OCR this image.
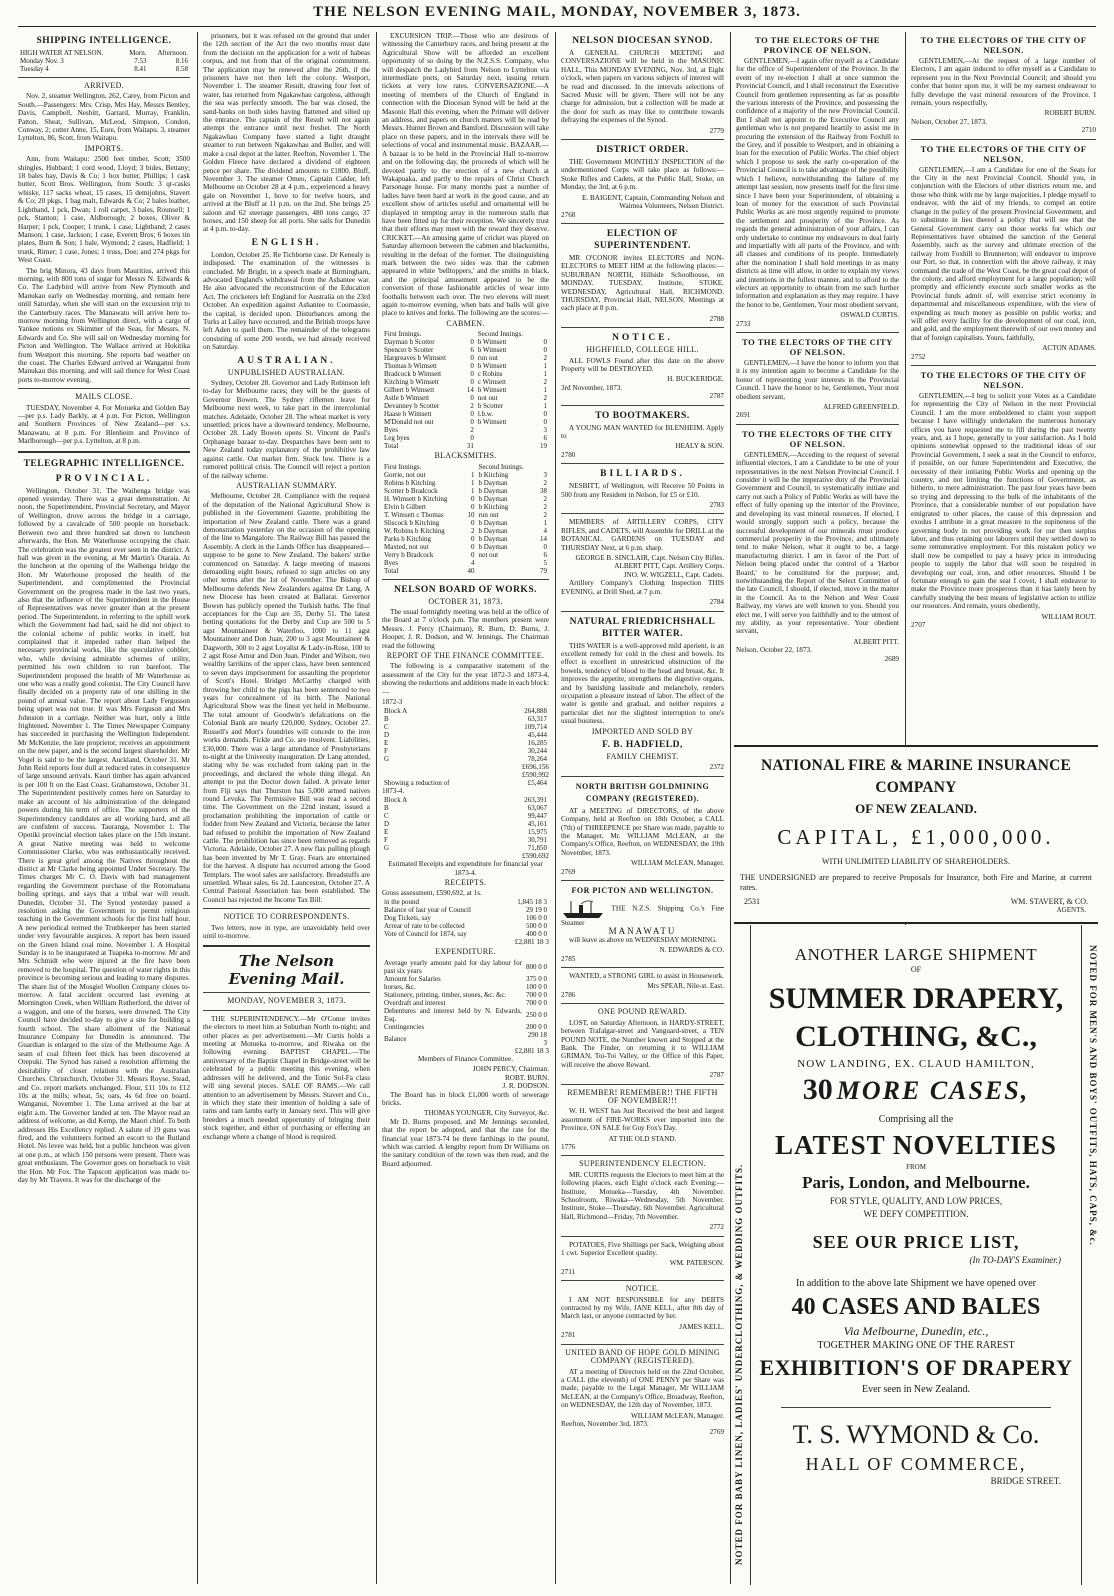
THE NELSON EVENING MAIL, MONDAY, NOVEMBER 3, 1873.
SHIPPING INTELLIGENCE.
HIGH WATER AT NELSON.	Morn.	Afternoon.
Monday Nov. 3	7.53	8.16
Tuesday 4	8.41	8.58
ARRIVED.

Nov. 2, steamer Wellington, 262, Carey, from Picton and South.—Passengers: Mrs. Crisp, Mrs Hay, Messrs Bentley, Davis, Campbell, Nesbitt, Garrard, Murray, Franklin, Patton, Sheat, Sullivan, McLeod, Simpson, Condon, Conway, 2; cutter Anne, 15, Eure, from Waitapu. 3, steamer Lyttelton, 86, Scott, from Waitapu.

IMPORTS.

Ann, from Waitapu: 2500 feet timber, Scott; 3500 shingles, Hubbard; 1 cord wood, Lloyd; 3 bides, Bettany; 18 bales hay, Davis & Co; 1 box butter, Phillips; 1 cask butter, Scott Bros. Wellington, from South: 3 qr-casks whisky, 117 sacks wheat, 15 cases, 15 demijohns, Stavert & Co; 20 pkgs, 1 bag malt, Edwards & Co; 2 bales leather, Lightband, 1 pck, Dwan; 1 roll carpet, 3 bales, Rounsell; 1 pck, Stanton; 1 case, Aldborough; 2 boxes, Oliver & Harper; 1 pck, Cooper; 1 trunk, 1 case, Lightband; 2 cases Manson; 1 case, Jackson; 1 case, Everett Bros; 6 boxes tin plates, Burn & Son; 1 bale, Wymond; 2 cases, Hadfield; 1 trunk, Rimer; 1 case, Jones; 1 truss, Doe; and 274 pkgs for West Coast.

The brig Minora, 43 days from Mauritius, arrived this morning, with 800 tons of sugar for Messrs N. Edwards & Co. The Ladybird will arrive from New Plymouth and Manukau early on Wednesday morning, and remain here until Saturday, when she will start on the excursion trip to the Canterbury races. The Manawatu will arrive here to-morrow morning from Wellington direct, with a cargo of Yankee notions ex Skimmer of the Seas, for Messrs. N. Edwards and Co. She will sail on Wednesday morning for Picton and Wellington. The Wallace arrived at Hokitika from Westport this morning. She reports bad weather on the coast. The Charles Edward arrived at Wanganui from Manukau this morning, and will sail thence for West Coast ports to-morrow evening.

MAILS CLOSE.

TUESDAY, November 4. For Motueka and Golden Bay—per p.s. Lady Barkly, at 4 p.m. For Picton, Wellington and Southern Provinces of New Zealand—per s.s. Manawatu, at 8 p.m. For Blenheim and Province of Marlborough—per p.s. Lyttelton, at 8 p.m.

TELEGRAPHIC INTELLIGENCE.
PROVINCIAL.

Wellington, October 31. The Waihenga bridge was opened yesterday. There was a great demonstration. At noon, the Superintendent, Provincial Secretary, and Mayor of Wellington, drove across the bridge in a carriage, followed by a cavalcade of 500 people on horseback. Between two and three hundred sat down to luncheon afterwards, the Hon. Mr Waterhouse occupying the chair. The celebration was the greatest ever seen in the district. A ball was given in the evening, at Mr Martin's Otaraia. At the luncheon at the opening of the Waihenga bridge the Hon. Mr Waterhouse proposed the health of the Superintendent, and complimented the Provincial Government on the progress made in the last two years, also that the influence of the Superintendent in the House of Representatives was never greater than at the present period. The Superintendent, in referring to the uphill work which the Government had had, said he did not object to the colonial scheme of public works in itself, but complained that it impeded rather than helped the necessary provincial works, like the speculative cobbler, who, while devising admirable schemes of utility, permitted his own children to run barefoot. The Superintendent proposed the health of Mr Waterhouse as one who was a really good colonist. The City Council have finally decided on a property rate of one shilling in the pound of annual value. The report about Lady Fergusson being upset was not true. It was Mrs Ferguson and Mrs Johnston in a carriage. Neither was hurt, only a little frightened. November 1. The Times Newspaper Company has succeeded in purchasing the Wellington Independent. Mr McKenzie, the late proprietor, receives an appointment on the new paper, and is the second largest shareholder. Mr Vogel is said to be the largest. Auckland, October 31. Mr John Reid reports four dull at reduced rates in consequence of large unsound arrivals. Kauri timber has again advanced is per 100 ft on the East Coast. Grahamstown, October 31. The Superintendent positively comes here on Saturday to make an account of his administration of the delegated powers during his term of office. The supporters of the Superintendency candidates are all working hard, and all are confident of success. Tauranga, November 1. The Opotiki provincial election takes place on the 15th instant. A great Native meeting was held to welcome Commissioner Clarke, who was enthusiastically received. There is great grief among the Natives throughout the district at Mr Clarke being appointed Under Secretary. The Times charges Mr C. O. Davis with bad management regarding the Government purchase of the Rotomahana boiling springs, and says that a tribal war will result. Dunedin, October 31. The Synod yesterday passed a resolution asking the Government to permit religious teaching in the Government schools for the first half hour. A new periodical termed the Truthkeeper has been started under very favourable auspices. A report has been issued on the Green Island coal mine. November 1. A Hospital Sunday is to be inaugurated at Tuapeka to-morrow. Mr and Mrs Schmidt who were injured at the fire have been removed to the hospital. The question of water rights in this province is becoming serious and leading to many disputes. The share list of the Mosgiel Woollen Company closes to-morrow. A fatal accident occurred last evening at Mornington Creek, when William Rutherford, the driver of a waggon, and one of the horses, were drowned. The City Council have decided to-day to give a site for building a fourth school. The share allotment of the National Insurance Company for Dunedin is announced. The Guardian is enlarged to the size of the Melbourne Age. A seam of coal fifteen feet thick has been discovered at Orepuki. The Synod has raised a resolution affirming the desirability of closer relations with the Australian Churches. Christchurch, October 31. Messrs Royse, Stead, and Co. report markets unchanged. Flour, £11 10s to £12 10s at the mills; wheat, 5s; oats, 4s 6d free on board. Wanganui, November 1. The Luna arrived at the bar at eight a.m. The Governor landed at ten. The Mayor read an address of welcome, as did Kemp, the Maori chief. To both addresses His Excellency replied. A salute of 19 guns was fired, and the volunteers formed an escort to the Rutland Hotel. No levee was held, but a public luncheon was given at one p.m., at which 150 persons were present. There was great enthusiasm. The Governor goes on horseback to visit the Hon. Mr Fox. The Tapscott application was made to-day by Mr Travers. It was for the discharge of the

prisoners, but it was refused on the ground that under the 12th section of the Act the two months must date from the decision on the application for a writ of habeas corpus, and not from that of the original commitment. The application may be renewed after the 26th, if the prisoners have not then left the colony. Westport, November 1. The steamer Result, drawing four feet of water, has returned from Ngakawhau cargoless, although the sea was perfectly smooth. The bar was closed, the sand-banks on both sides having flattened and silted up the entrance. The captain of the Result will not again attempt the entrance until next freshet. The North Ngakawhau Company have started a light draught steamer to run between Ngakawhau and Buller, and will make a coal depot at the latter. Reefton, November 1. The Golden Fleece have declared a dividend of eighteen pence per share. The dividend amounts to £1800. Bluff, November 3. The steamer Omeo, Captain Calder, left Melbourne on October 28 at 4 p.m., experienced a heavy gale on November 1, hove to for twelve hours, and arrived at the Bluff at 11 p.m. on the 2nd. She brings 25 saloon and 62 steerage passengers, 480 tons cargo, 37 horses, and 150 sheep for all ports. She sails for Dunedin at 4 p.m. to-day.

ENGLISH.

London, October 25. Re Tichborne case. Dr Kenealy is indisposed. The examination of the witnesses is concluded. Mr Bright, in a speech made at Birmingham, advocated England's withdrawal from the Ashantee war. He also advocated the reconstruction of the Education Act. The cricketers left England for Australia on the 23rd October. An expedition against Ashantee to Coomassie, the capital, is decided upon. Disturbances among the Turks at Lailey have occurred, and the British troops have left Aden to quell them. The remainder of the telegrams consisting of some 200 words, we had already received on Saturday.

AUSTRALIAN.
UNPUBLISHED AUSTRALIAN.

Sydney, October 28. Governor and Lady Robinson left to-day for Melbourne races; they will be the guests of Governor Bowen. The Sydney riflemen leave for Melbourne next week, to take part in the intercolonial matches. Adelaide, October 28. The wheat market is very unsettled; prices have a downward tendency. Melbourne, October 28. Lady Bowen opens St. Vincent de Paul's Orphanage bazaar to-day. Despatches have been sent to New Zealand today explanatory of the prohibitive law against cattle. Oat market firm. Stock low. There is a rumored political crisis. The Council will reject a portion of the railway scheme.

AUSTRALIAN SUMMARY.

Melbourne, October 28. Compliance with the request of the deputation of the National Agricultural Show is published in the Government Gazette, prohibiting the importation of New Zealand cattle. There was a grand demonstration yesterday on the occasion of the opening of the line to Mangalore. The Railway Bill has passed the Assembly. A clerk in the Lands Office has disappeared—suppose to be gone to New Zealand. The bakers' strike commenced on Saturday. A large meeting of masons demanding eight hours, refused to sign articles on any other terms after the 1st of November. The Bishop of Melbourne defends New Zealanders against Dr Lang. A new Diocese has been created at Ballarat. Governor Bowen has publicly opened the Turkish baths. The final acceptances for the Cup are 35, Derby 51. The latest betting quotations for the Derby and Cup are 500 to 5 agst Mountaineer & Waterloo, 1000 to 11 agst Mountaineer and Don Juan, 200 to 3 agst Mountaineer & Dagworth, 300 to 2 agst Loyalist & Lady-in-Rose, 100 to 2 agst Rose Amur and Don Juan. Pinder and Wilson, two wealthy larrikins of the upper class, have been sentenced to seven days imprisonment for assaulting the proprietor of Scott's Hotel. Bridget McCarthy charged with throwing her child to the pigs has been sentenced to two years for concealment of its birth. The National Agricultural Show was the finest yet held in Melbourne. The total amount of Goodwin's defalcations on the Colonial Bank are nearly £20,000. Sydney, October 27. Russell's and Mort's foundries will concede to the iron works demands. Fickle and Co. are insolvent. Liabilities, £30,000. There was a large attendance of Presbyterians to-night at the University inauguration. Dr Lang attended, stating why he was excluded from taking part in the proceedings, and declared the whole thing illegal. An attempt to put the Doctor down failed. A private letter from Fiji says that Thurston has 5,000 armed natives round Levuka. The Permissive Bill was read a second time. The Government on the 22nd instant, issued a proclamation prohibiting the importation of cattle or fodder from New Zealand and Victoria, because the latter had refused to prohibit the importation of New Zealand cattle. The prohibition has since been removed as regards Victoria. Adelaide, October 27. A new flax pulling plough has been invented by Mr T. Gray. Fears are entertained for the harvest. A dispute has occurred among the Good Templars. The wool sales are satisfactory. Breadstuffs are unsettled. Wheat sales, 6s 2d. Launceston, October 27. A Central Pastoral Association has been established. The Council has rejected the Income Tax Bill.

NOTICE TO CORRESPONDENTS.

Two letters, now in type, are unavoidably held over until to-morrow.

The Nelson Evening Mail.
MONDAY, NOVEMBER 3, 1873.

THE SUPERINTENDENCY.—Mr O'Conor invites the electors to meet him at Suburban North to-night; and other places as per advertisement.—Mr Curtis holds a meeting at Motueka to-morrow, and Riwaka on the following evening. BAPTIST CHAPEL.—The anniversary of the Baptist Chapel in Bridge-street will be celebrated by a public meeting this evening, when addresses will be delivered, and the Tonic Sol-Fa class will sing several pieces. SALE OF RAMS.—We call attention to an advertisement by Messrs. Stavert and Co., in which they state their intention of holding a sale of rams and ram lambs early in January next. This will give breeders a much needed opportunity of bringing their stock together, and either of purchasing or effecting an exchange where a change of blood is required.

EXCURSION TRIP.—Those who are desirous of witnessing the Canterbury races, and being present at the Agricultural Show will be afforded an excellent opportunity of so doing by the N.Z.S.S. Company, who will despatch the Ladybird from Nelson to Lyttelton via intermediate ports, on Saturday next, issuing return tickets at very low rates. CONVERSAZIONE.—A meeting of members of the Church of England in connection with the Diocesan Synod will be held at the Masonic Hall this evening, when the Primate will deliver an address, and papers on church matters will be read by Messrs. Hunter Brown and Bamford. Discussion will take place on these papers, and in the intervals there will be selections of vocal and instrumental music. BAZAAR.—A bazaar is to be held in the Provincial Hall to-morrow and on the following day, the proceeds of which will be devoted partly to the erection of a new church at Wakapuaka, and partly to the repairs of Christ Church Parsonage house. For many months past a number of ladies have been hard at work in the good cause, and an excellent show of articles useful and ornamental will be displayed in tempting array in the numerous stalls that have been fitted up for their reception. We sincerely trust that their efforts may meet with the reward they deserve. CRICKET.—An amusing game of cricket was played on Saturday afternoon between the cabmen and blacksmiths, resulting in the defeat of the former. The distinguishing mark between the two sides was that the cabmen appeared in white 'belltoppers,' and the smiths in black, and the principal amusement appeared to be the conversion of those fashionable articles of wear into footballs between each over. The two elevens will meet again to-morrow evening, when bats and balls will give place to knives and forks. The following are the scores:—

CABMEN.
First Innings.		Second Innings.	
Dayman b Scotter	0	b Wimsett	0
Spencer b Scotter	6	b Wimsett	0
Hargreaves b Wimsett	0	run out	2
Thomas b Wimsett	0	b Wimsett	1
Bradcock b Wimsett	0	c Robins	1
Kitching b Wimsett	0	c Wimsett	2
Gilbert b Wimsett	14	b Wimsett	1
Astle b Wimsett	0	not out	2
Devanney b Scotter	2	b Scotter	1
Haase b Wimsett	0	l.b.w.	0
M'Donald not out	0	b Wimsett	0
Byes	2		3
Leg byes	0		6
Total	31		19
BLACKSMITHS.
First Innings.		Second Innings.	
Gorrie, not out	1	b Kitching	3
Robins b Kitching	1	b Dayman	2
Scotter b Bradcock	1	b Dayman	38
H. Wimsett b Kitching	0	b Dayman	2
Elvin b Gilbert	0	b Kitching	2
T. Wimsett c Thomas	10	run out	2
Sliscock b Kitching	0	b Dayman	1
W. Robins b Kitching	2	b Dayman	4
Parks b Kitching	0	b Dayman	14
Maxted, not out	0	b Dayman	0
Verry b Bradcock	0	not out	6
Byes	4		5
Total	40		79
NELSON BOARD OF WORKS.
OCTOBER 31, 1873.

The usual fortnightly meeting was held at the office of the Board at 7 o'clock p.m. The members present were Messrs. J. Percy (Chairman), R. Burn, D. Burns, J. Hooper, J. R. Dodson, and W. Jennings. The Chairman read the following

REPORT OF THE FINANCE COMMITTEE.

The following is a comparative statement of the assessment of the City for the year 1872-3 and 1873-4, showing the reductions and additions made in each block:—

1872-3
Block A	264,888
B	63,317
C	109,714
D	45,444
E	16,285
F	30,244
G	78,264
£696,156
£590,992
Showing a reduction of	£5,464
1873-4.
Block A	263,391
B	63,067
C	99,447
D	45,161
E	15,975
F	30,791
G	71,850
£590,692

Estimated Receipts and expenditure for financial year 1873-4.

RECEIPTS.
Gross assessment, £590,692, at 1s.
in the pound	1,845 18 3
Balance of last year of Council	29 19 0
Dog Tickets, say	106 0 0
Arrear of rate to be collected	500 0 0
Vote of Council for 1874, say	400 0 0
£2,881 18 3
EXPENDITURE.
Average yearly amount paid for day labour for past six years	800 0 0
Amount for Salaries	375 0 0
horses, &c.	100 0 0
Stationery, printing, timber, stones, &c. &c.	700 0 0
Overdraft and interest	700 0 0
Debentures and interest held by N. Edwards, Esq.	250 0 0
Contingencies	200 0 0
Balance	290 18 3
£2,881 18 3

Members of Finance Committee.

JOHN PERCY, Chairman.
ROBT. BURN.
J. R. DODSON.

The Board has in block £1,000 worth of sewerage bricks.

THOMAS YOUNGER, City Surveyor, &c.

Mr D. Burns proposed, and Mr Jennings seconded, that the report be adopted, and that the rate for the financial year 1873-74 be three farthings in the pound, which was carried. A lengthy report from Dr Williams on the sanitary condition of the town was then read, and the Board adjourned.

NELSON DIOCESAN SYNOD.

A GENERAL CHURCH MEETING and CONVERSAZIONE will be held in the MASONIC HALL, This MONDAY EVENING, Nov. 3rd, at Eight o'clock, when papers on various subjects of interest will be read and discussed. In the intervals selections of Sacred Music will be given. There will not be any charge for admission, but a collection will be made at the door for such as may like to contribute towards defraying the expenses of the Synod.

2779
DISTRICT ORDER.

THE Government MONTHLY INSPECTION of the undermentioned Corps will take place as follows:— Stoke Rifles and Cadets, at the Public Hall, Stoke, on Monday, the 3rd, at 6 p.m.

E. BAIGENT, Captain, Commanding Nelson and Waimea Volunteers, Nelson District.
2768
ELECTION OF SUPERINTENDENT.

MR O'CONOR invites ELECTORS and NON-ELECTORS to MEET HIM at the following places:— SUBURBAN NORTH, Hillside Schoolhouse, on MONDAY. TUESDAY, Institute, STOKE. WEDNESDAY, Agricultural Hall, RICHMOND. THURSDAY, Provincial Hall, NELSON. Meetings at each place at 8 p.m.

2788
NOTICE.
HIGHFIELD, COLLEGE HILL.

ALL FOWLS Found after this date on the above Property will be DESTROYED.

H. BUCKERIDGE.
3rd November, 1873.
2787
TO BOOTMAKERS.

A YOUNG MAN WANTED for BLENHEIM. Apply to

HEALY & SON.
2780
BILLIARDS.

NESBITT, of Wellington, will Receive 50 Points in 500 from any Resident in Nelson, for £5 or £10.

2783

MEMBERS of ARTILLERY CORPS, CITY RIFLES, and CADETS, will Assemble for DRILL at the BOTANICAL GARDENS on TUESDAY and THURSDAY Next, at 6 p.m. sharp.

GEORGE B. SINCLAIR, Capt. Nelson City Rifles.
ALBERT PITT, Capt. Artillery Corps.
JNO. W. WIGZELL, Capt. Cadets.

Artillery Company's Clothing Inspection THIS EVENING, at Drill Shed, at 7 p.m.

2784
NATURAL FRIEDRICHSHALL BITTER WATER.

THIS WATER is a well-approved mild aperient, is an excellent remedy for cold in the chest and bowels. Its effect is excellent in unrestricted obstruction of the bowels, tendency of blood to the head and breast, &c. It improves the appetite, strengthens the digestive organs, and by banishing lassitude and melancholy, renders occupation a pleasure instead of labor. The effect of the water is gentle and gradual, and neither requires a particular diet nor the slightest interruption to one's usual business.

IMPORTED AND SOLD BY
F. B. HADFIELD,
FAMILY CHEMIST.
2372
NORTH BRITISH GOLDMINING COMPANY (REGISTERED).

AT a MEETING of DIRECTORS, of the above Company, held at Reefton on 18th October, a CALL (7th) of THREEPENCE per Share was made, payable to the Manager, Mr. WILLIAM McLEAN, at the Company's Office, Reefton, on WEDNESDAY, the 19th November, 1873.

WILLIAM McLEAN, Manager.
2769
FOR PICTON AND WELLINGTON.
THE N.Z.S. Shipping Co.'s Fine Steamer
MANAWATU

will leave as above on WEDNESDAY MORNING.

N. EDWARDS & CO.
2785

WANTED, a STRONG GIRL to assist in Housework.

Mrs SPEAR, Nile-st. East.
2786
ONE POUND REWARD.

LOST, on Saturday Afternoon, in HARDY-STREET, between Trafalgar-street and Vanguard-street, a TEN POUND NOTE, the Number known and Stopped at the Bank. The Finder, on returning it to WILLIAM GRIMAN, Toi-Toi Valley, or the Office of this Paper, will receive the above Reward.

2787
REMEMBER! REMEMBER!! THE FIFTH OF NOVEMBER!!!

W. H. WEST has Just Received the best and largest assortment of FIRE-WORKS ever imported into the Province, ON SALE for Guy Fox's Day.

AT THE OLD STAND.
1776
SUPERINTENDENCY ELECTION.

MR. CURTIS requests the Electors to meet him at the following places, each Eight o'clock each Evening:— Institute, Motueka—Tuesday, 4th November. Schoolroom, Riwaka—Wednesday, 5th November. Institute, Stoke—Thursday, 6th November. Agricultural Hall, Richmond—Friday, 7th November.

2772

POTATOES, Five Shillings per Sack, Weighing about 1 cwt. Superior Excellent quality.

WM. PATERSON.
2711
NOTICE.

I AM NOT RESPONSIBLE for any DEBTS contracted by my Wife, JANE KELL, after 8th day of March last, or anyone contracted by her.

JAMES KELL.
2781
UNITED BAND OF HOPE GOLD MINING COMPANY (REGISTERED).

AT a meeting of Directors held on the 22nd October, a CALL (the eleventh) of ONE PENNY per Share was made, payable to the Legal Manager, Mr WILLIAM McLEAN, at the Company's Office, Broadway, Reefton, on WEDNESDAY, the 12th day of November, 1873.

WILLIAM McLEAN, Manager.
Reefton, November 3rd, 1873.
2769
TO THE ELECTORS OF THE PROVINCE OF NELSON.

GENTLEMEN,—I again offer myself as a Candidate for the office of Superintendent of the Province. In the event of my re-election I shall at once summon the Provincial Council, and I shall reconstruct the Executive Council from gentlemen representing as far as possible the various interests of the Province, and possessing the confidence of a majority of the new Provincial Council. But I shall not appoint to the Executive Council any gentleman who is not prepared heartily to assist me in procuring the extension of the Railway from Foxhill to the Grey, and if possible to Westport, and in obtaining a loan for the execution of Public Works. The chief object which I propose to seek the early co-operation of the Provincial Council is to take advantage of the possibility which I believe, notwithstanding the failure of my attempt last session, now presents itself for the first time since I have been your Superintendent, of obtaining a loan of money for the execution of such Provincial Public Works as are most urgently required to promote the settlement and prosperity of the Province. As regards the general administration of your affairs, I can only undertake to continue my endeavours to deal fairly and impartially with all parts of the Province, and with all classes and conditions of its people. Immediately after the nomination I shall hold meetings in as many districts as time will allow, in order to explain my views and intentions in the fullest manner, and to afford to the electors an opportunity to obtain from me such further information and explanation as they may require. I have the honor to be, Gentlemen, Your most obedient servant,

OSWALD CURTIS.
2733
TO THE ELECTORS OF THE CITY OF NELSON.

GENTLEMEN,—I have the honor to inform you that it is my intention again to become a Candidate for the honor of representing your interests in the Provincial Council. I have the honor to be, Gentlemen, Your most obedient servant,

ALFRED GREENFIELD.
2691
TO THE ELECTORS OF THE CITY OF NELSON.

GENTLEMEN,—Acceding to the request of several influential electors, I am a Candidate to be one of your representatives in the next Nelson Provincial Council. I consider it will be the imperative duty of the Provincial Government and Council, to systematically initiate and carry out such a Policy of Public Works as will have the effect of fully opening up the interior of the Province, and developing its vast mineral resources. If elected, I would strongly support such a policy, because the successful development of our minerals must produce commercial prosperity in the Province, and ultimately tend to make Nelson, what it ought to be, a large manufacturing district. I am in favor of the Port of Nelson being placed under the control of a 'Harbor Board,' to be constituted for the purpose; and, notwithstanding the Report of the Select Committee of the late Council, I should, if elected, move in the matter in the Council. As to the Nelson and West Coast Railway, my views are well known to you. Should you elect me, I will serve you faithfully and to the utmost of my ability, as your representative. Your obedient servant,

ALBERT PITT.
Nelson, October 22, 1873.
2689
TO THE ELECTORS OF THE CITY OF NELSON.

GENTLEMEN,—At the request of a large number of Electors, I am again induced to offer myself as a Candidate to represent you in the Next Provincial Council; and should you confer that honor upon me, it will be my earnest endeavour to fully develope the vast mineral resources of the Province. I remain, yours respectfully,

ROBERT BURN.
Nelson, October 27, 1873.
2710
TO THE ELECTORS OF THE CITY OF NELSON.

GENTLEMEN,—I am a Candidate for one of the Seats for the City in the next Provincial Council. Should you, in conjunction with the Electors of other districts return me, and those who think with me by large majorities, I pledge myself to endeavor, with the aid of my friends, to compel an entire change in the policy of the present Provincial Government, and to substitute in lieu thereof a policy that will see that the General Government carry out those works for which our Representatives have obtained the sanction of the General Assembly, such as the survey and ultimate erection of the railway from Foxhill to Brunnerton; will endeavor to improve our Port, so that, in connection with the above railway, it may command the trade of the West Coast, be the great coal depot of the colony, and afford employment for a large population; will promptly and efficiently execute such smaller works as the Provincial funds admit of, will exercise strict economy in departmental and miscellaneous expenditure, with the view of expending as much money as possible on public works; and will offer every facility for the development of our coal, iron, and gold, and the employment therewith of our own money and that of foreign capitalists. Yours, faithfully,

ACTON ADAMS.
2752
TO THE ELECTORS OF THE CITY OF NELSON.

GENTLEMEN,—I beg to solicit your Votes as a Candidate for representing the City of Nelson in the next Provincial Council. I am the more emboldened to claim your support because I have willingly undertaken the numerous honorary offices you have requested me to fill during the past twenty years, and, as I hope, generally to your satisfaction. As I hold opinions somewhat opposed to the traditional ideas of our Provincial Government, I seek a seat in the Council to enforce, if possible, on our future Superintendent and Executive, the necessity of their initiating Public Works and opening up the country, and not limiting the functions of Government, as hitherto, to mere administration. The past four years have been so trying and depressing to the bulk of the inhabitants of the Province, that a considerable number of our population have emigrated to other places, the cause of this depression and exodus I attribute in a great measure to the supineness of the governing body in not providing work for our then surplus labor, and thus retaining our laborers until they settled down to some remunerative employment. For this mistaken policy we shall now be compelled to pay a heavy price in introducing people to supply the labor that will soon be required in developing our coal, iron, and other resources. Should I be fortunate enough to gain the seat I covet, I shall endeavor to make the Province more prosperous than it has lately been by carefully studying the best means of legislative action to utilize our resources. And remain, yours obediently,

WILLIAM ROUT.
2707
NATIONAL FIRE & MARINE INSURANCE COMPANY
OF NEW ZEALAND.
CAPITAL, £1,000,000.
WITH UNLIMITED LIABILITY OF SHAREHOLDERS.
THE UNDERSIGNED are prepared to receive Proposals for Insurance, both Fire and Marine, at current rates.
2531	WM. STAVERT, & CO.
AGENTS.
NOTED FOR BABY LINEN, LADIES' UNDERCLOTHING, & WEDDING OUTFITS.
NOTED FOR MEN'S AND BOYS' OUTFITS, HATS, CAPS, &c.
ANOTHER LARGE SHIPMENT
OF
SUMMER DRAPERY,
CLOTHING, &C.,
NOW LANDING, EX. CLAUD HAMILTON,
30 MORE CASES,
Comprising all the
LATEST NOVELTIES
FROM
Paris, London, and Melbourne.
FOR STYLE, QUALITY, AND LOW PRICES,
WE DEFY COMPETITION.
SEE OUR PRICE LIST,
(In TO-DAY'S Examiner.)
In addition to the above late Shipment we have opened over
40 CASES AND BALES
Via Melbourne, Dunedin, etc.,
TOGETHER MAKING ONE OF THE RAREST
EXHIBITION'S OF DRAPERY
Ever seen in New Zealand.
T. S. WYMOND & Co.
HALL OF COMMERCE,
BRIDGE STREET.
